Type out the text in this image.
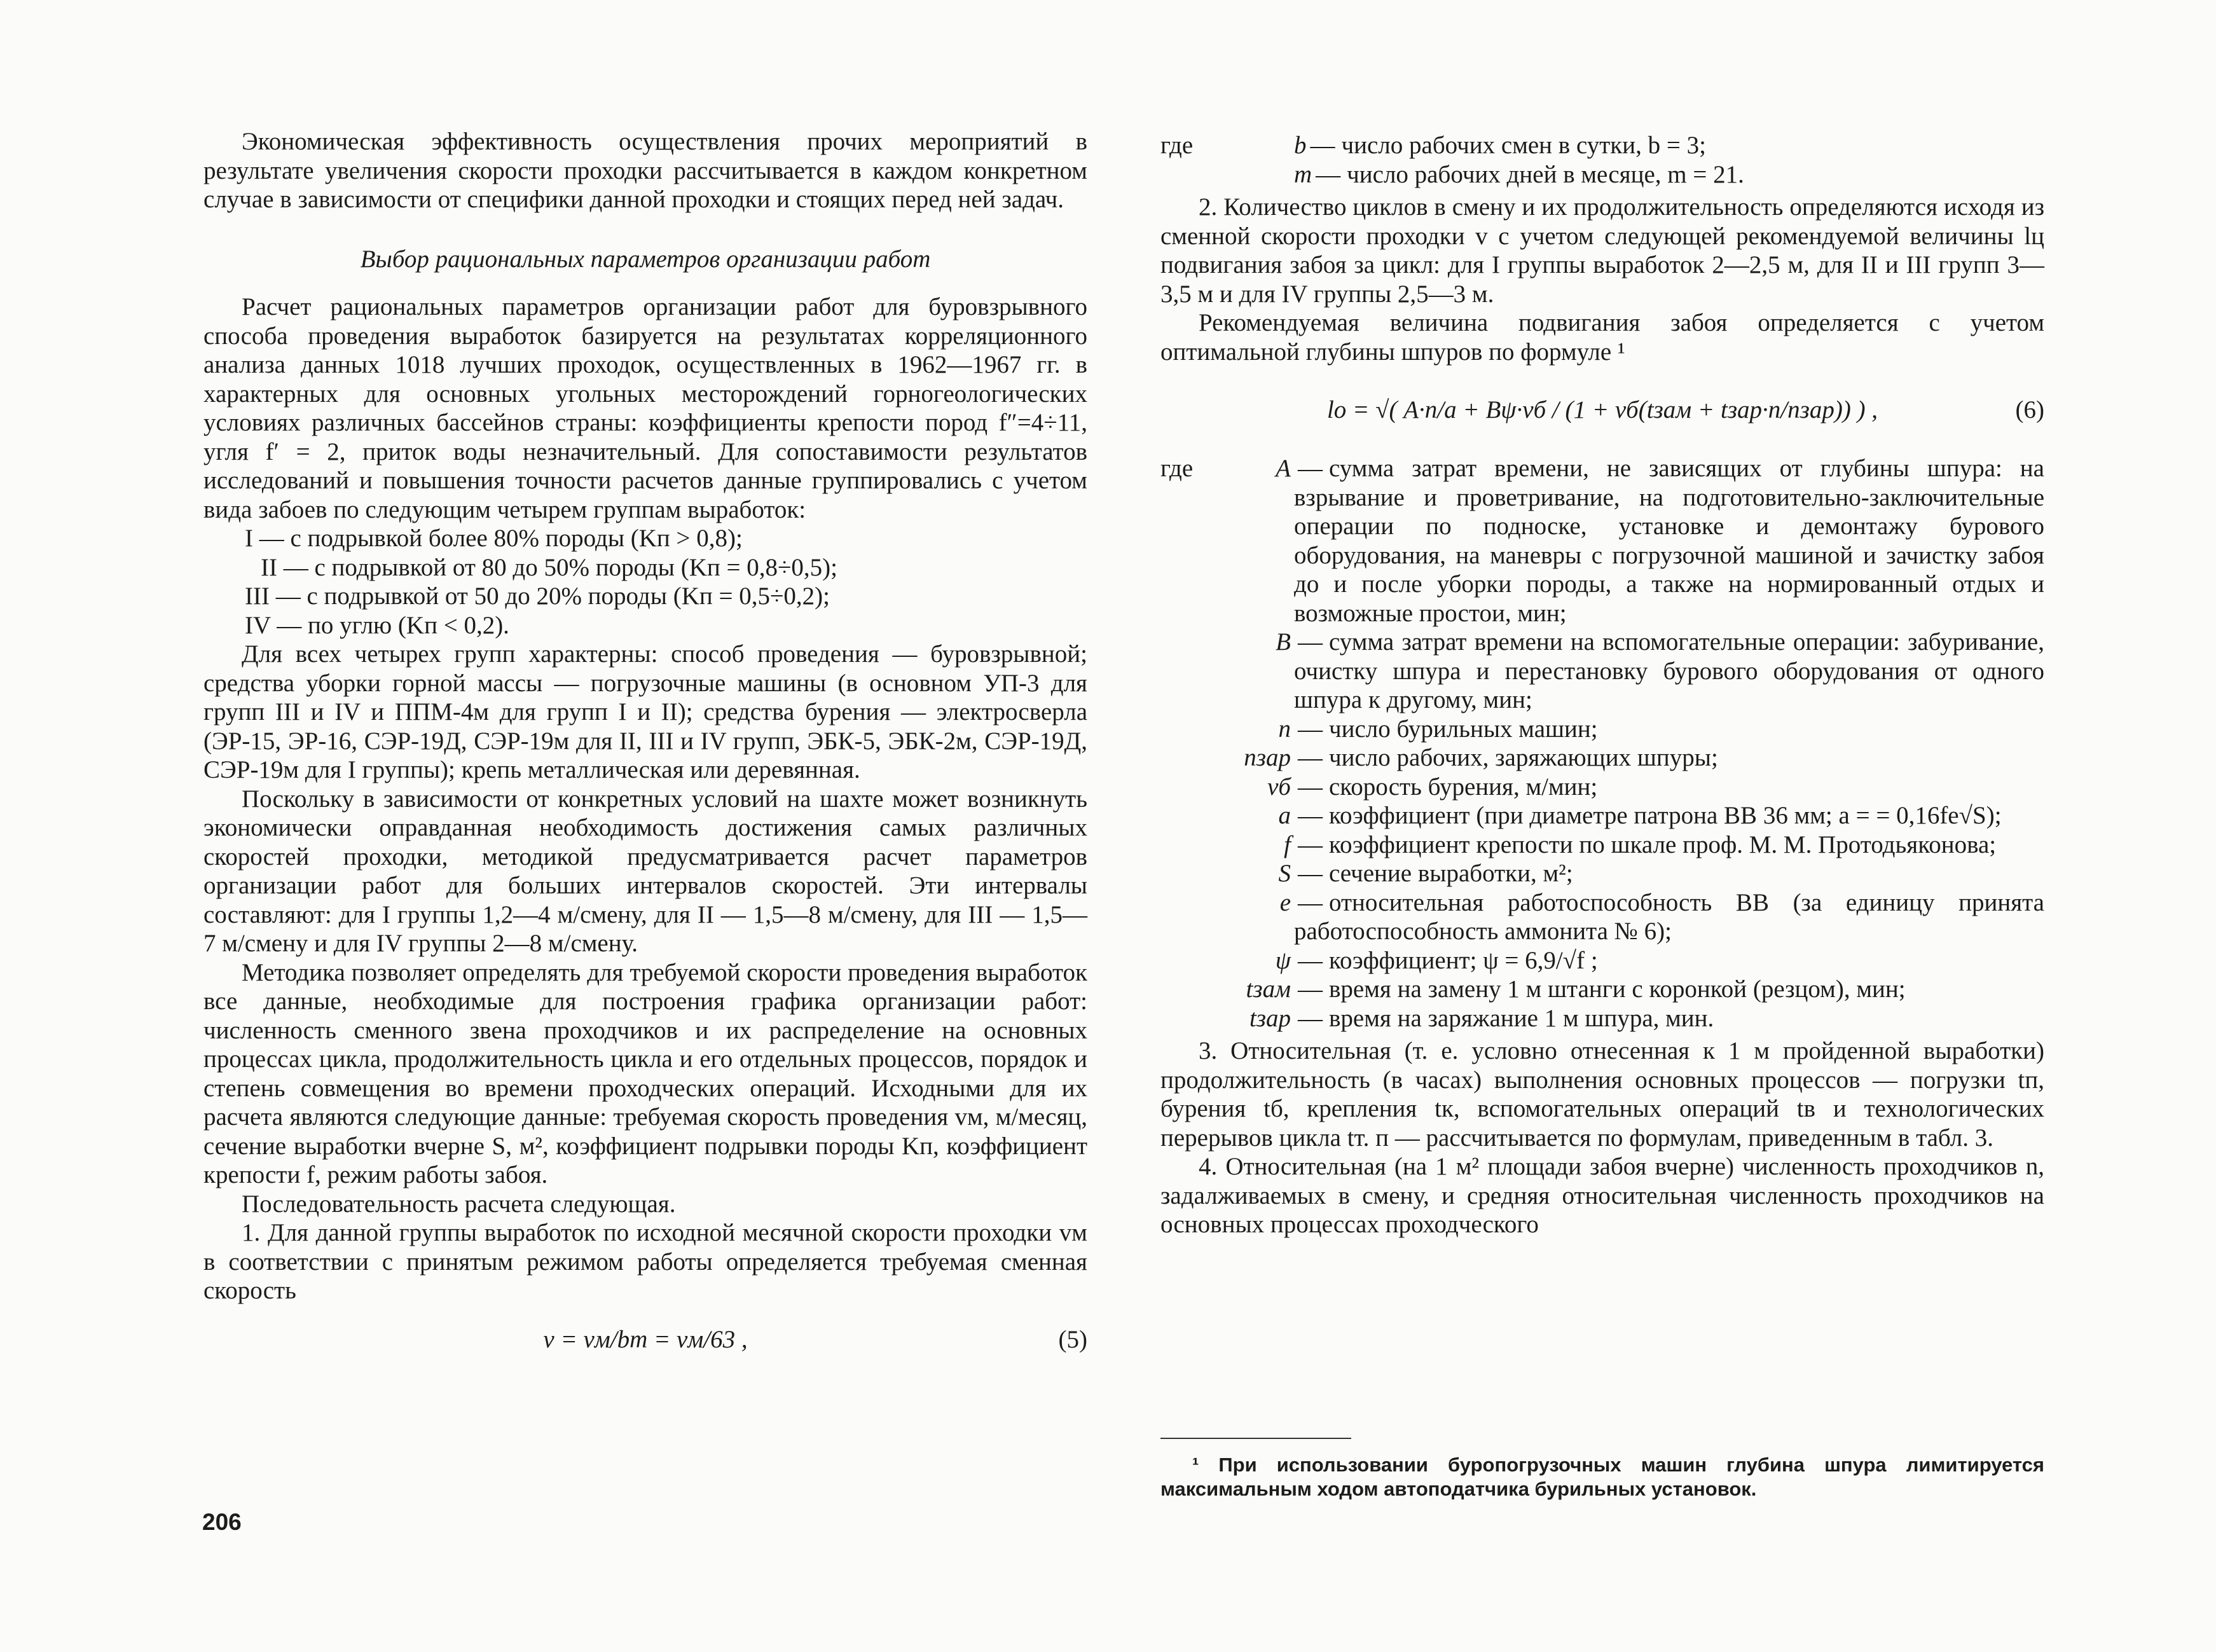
Экономическая эффективность осуществления прочих мероприятий в результате увеличения скорости проходки рассчитывается в каждом конкретном случае в зависимости от специфики данной проходки и стоящих перед ней задач.

Выбор рациональных параметров организации работ

Расчет рациональных параметров организации работ для буровзрывного способа проведения выработок базируется на результатах корреляционного анализа данных 1018 лучших проходок, осуществленных в 1962—1967 гг. в характерных для основных угольных месторождений горногеологических условиях различных бассейнов страны: коэффициенты крепости пород f″=4÷11, угля f′ = 2, приток воды незначительный. Для сопоставимости результатов исследований и повышения точности расчетов данные группировались с учетом вида забоев по следующим четырем группам выработок:

I — с подрывкой более 80% породы (Kп > 0,8);
II — с подрывкой от 80 до 50% породы (Kп = 0,8÷0,5);
III — с подрывкой от 50 до 20% породы (Kп = 0,5÷0,2);
IV — по углю (Kп < 0,2).

Для всех четырех групп характерны: способ проведения — буровзрывной; средства уборки горной массы — погрузочные машины (в основном УП-3 для групп III и IV и ППМ-4м для групп I и II); средства бурения — электросверла (ЭР-15, ЭР-16, СЭР-19Д, СЭР-19м для II, III и IV групп, ЭБК-5, ЭБК-2м, СЭР-19Д, СЭР-19м для I группы); крепь металлическая или деревянная.

Поскольку в зависимости от конкретных условий на шахте может возникнуть экономически оправданная необходимость достижения самых различных скоростей проходки, методикой предусматривается расчет параметров организации работ для больших интервалов скоростей. Эти интервалы составляют: для I группы 1,2—4 м/смену, для II — 1,5—8 м/смену, для III — 1,5—7 м/смену и для IV группы 2—8 м/смену.

Методика позволяет определять для требуемой скорости проведения выработок все данные, необходимые для построения графика организации работ: численность сменного звена проходчиков и их распределение на основных процессах цикла, продолжительность цикла и его отдельных процессов, порядок и степень совмещения во времени проходческих операций. Исходными для их расчета являются следующие данные: требуемая скорость проведения vм, м/месяц, сечение выработки вчерне S, м², коэффициент подрывки породы Kп, коэффициент крепости f, режим работы забоя.

Последовательность расчета следующая.

1. Для данной группы выработок по исходной месячной скорости проходки vм в соответствии с принятым режимом работы определяется требуемая сменная скорость

v = vм/bm = vм/63 ,	(5)
206
где	b — число рабочих смен в сутки, b = 3;
m — число рабочих дней в месяце, m = 21.

2. Количество циклов в смену и их продолжительность определяются исходя из сменной скорости проходки v с учетом следующей рекомендуемой величины lц подвигания забоя за цикл: для I группы выработок 2—2,5 м, для II и III групп 3—3,5 м и для IV группы 2,5—3 м.

Рекомендуемая величина подвигания забоя определяется с учетом оптимальной глубины шпуров по формуле ¹

lо = √( A·n/a + Bψ·vб / (1 + vб(tзам + tзар·n/nзар)) ) ,	(6)
где	A — сумма затрат времени, не зависящих от глубины шпура: на взрывание и проветривание, на подготовительно-заключительные операции по подноске, установке и демонтажу бурового оборудования, на маневры с погрузочной машиной и зачистку забоя до и после уборки породы, а также на нормированный отдых и возможные простои, мин;
B — сумма затрат времени на вспомогательные операции: забуривание, очистку шпура и перестановку бурового оборудования от одного шпура к другому, мин;
n — число бурильных машин;
nзар — число рабочих, заряжающих шпуры;
vб — скорость бурения, м/мин;
a — коэффициент (при диаметре патрона ВВ 36 мм; a = = 0,16fe√S);
f — коэффициент крепости по шкале проф. М. М. Протодьяконова;
S — сечение выработки, м²;
e — относительная работоспособность ВВ (за единицу принята работоспособность аммонита № 6);
ψ — коэффициент; ψ = 6,9/√f ;
tзам — время на замену 1 м штанги с коронкой (резцом), мин;
tзар — время на заряжание 1 м шпура, мин.

3. Относительная (т. е. условно отнесенная к 1 м пройденной выработки) продолжительность (в часах) выполнения основных процессов — погрузки tп, бурения tб, крепления tк, вспомогательных операций tв и технологических перерывов цикла tт. п — рассчитывается по формулам, приведенным в табл. 3.

4. Относительная (на 1 м² площади забоя вчерне) численность проходчиков n, задалживаемых в смену, и средняя относительная численность проходчиков на основных процессах проходческого

¹ При использовании буропогрузочных машин глубина шпура лимитируется максимальным ходом автоподатчика бурильных установок.
